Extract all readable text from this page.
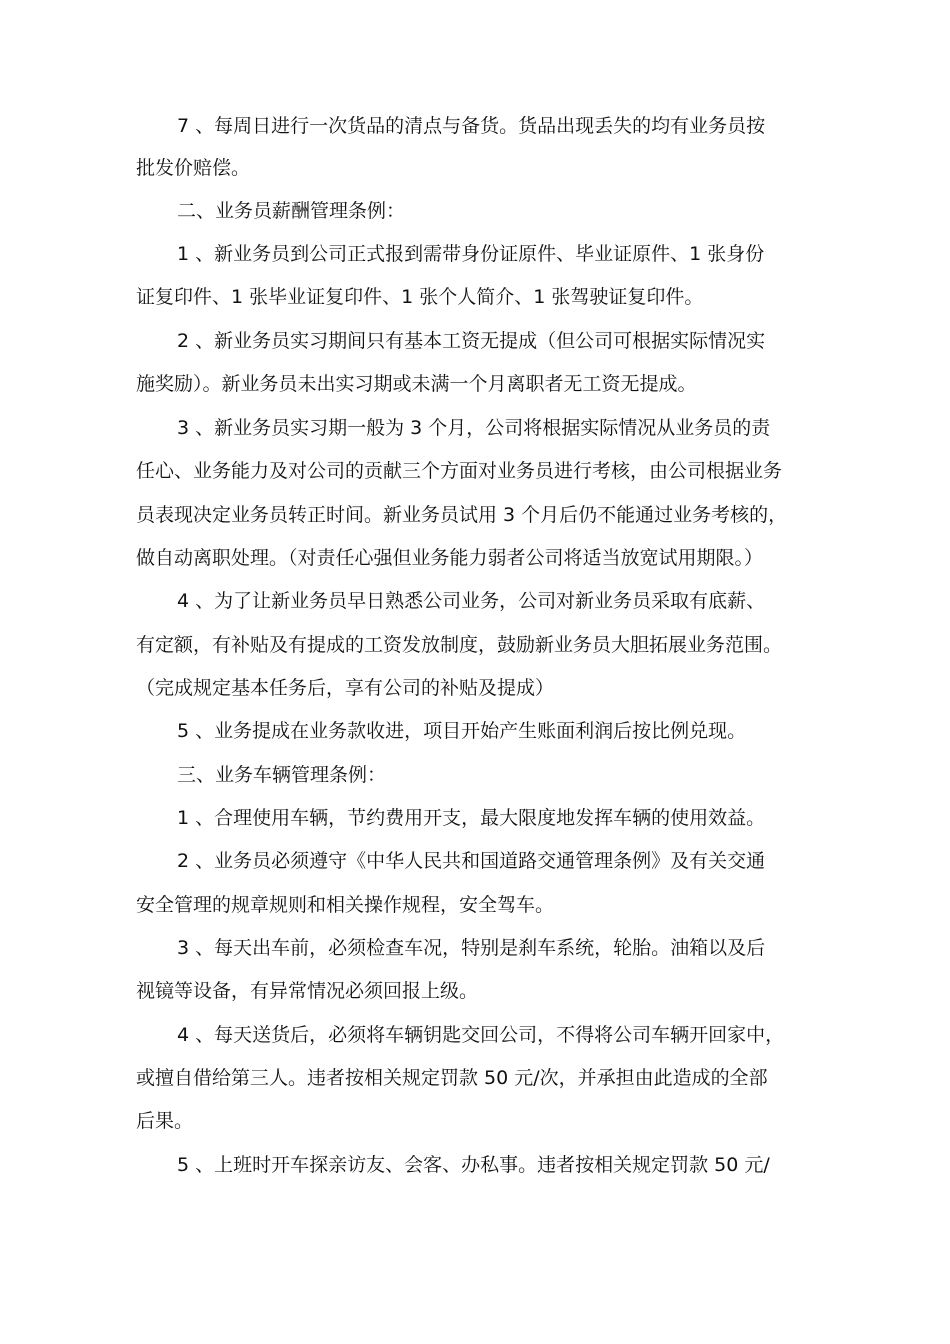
7 、每周日进行一次货品的清点与备货。货品出现丢失的均有业务员按
批发价赔偿。
二、业务员薪酬管理条例：
1 、新业务员到公司正式报到需带身份证原件、毕业证原件、1 张身份
证复印件、1 张毕业证复印件、1 张个人简介、1 张驾驶证复印件。
2 、新业务员实习期间只有基本工资无提成（但公司可根据实际情况实
施奖励）。新业务员未出实习期或未满一个月离职者无工资无提成。
3 、新业务员实习期一般为 3 个月，公司将根据实际情况从业务员的责
任心、业务能力及对公司的贡献三个方面对业务员进行考核，由公司根据业务
员表现决定业务员转正时间。新业务员试用 3 个月后仍不能通过业务考核的，
做自动离职处理。（对责任心强但业务能力弱者公司将适当放宽试用期限。）
4 、为了让新业务员早日熟悉公司业务，公司对新业务员采取有底薪、
有定额，有补贴及有提成的工资发放制度，鼓励新业务员大胆拓展业务范围。
（完成规定基本任务后，享有公司的补贴及提成）
5 、业务提成在业务款收进，项目开始产生账面利润后按比例兑现。
三、业务车辆管理条例：
1 、合理使用车辆，节约费用开支，最大限度地发挥车辆的使用效益。
2 、业务员必须遵守《中华人民共和国道路交通管理条例》及有关交通
安全管理的规章规则和相关操作规程，安全驾车。
3 、每天出车前，必须检查车况，特别是刹车系统，轮胎。油箱以及后
视镜等设备，有异常情况必须回报上级。
4 、每天送货后，必须将车辆钥匙交回公司，不得将公司车辆开回家中，
或擅自借给第三人。违者按相关规定罚款 50 元/次，并承担由此造成的全部
后果。
5 、上班时开车探亲访友、会客、办私事。违者按相关规定罚款 50 元/
